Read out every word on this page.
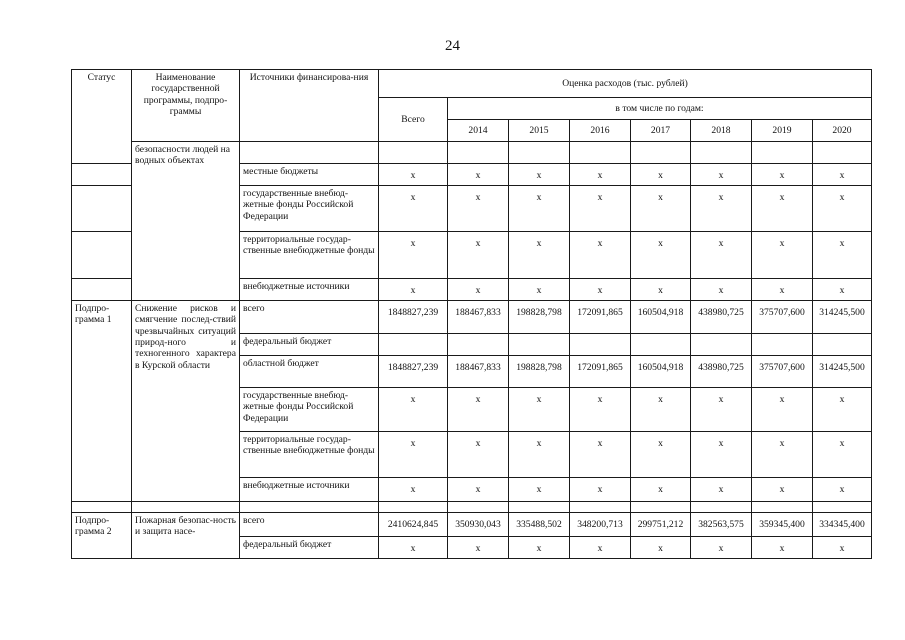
24
Статус	Наименование государственной программы, подпро-граммы	Источники финансирова-ния	Оценка расходов (тыс. рублей)							
			Всего	в том числе по годам:						
				2014	2015	2016	2017	2018	2019	2020
	безопасности людей на водных объектах									
		местные бюджеты	x	x	x	x	x	x	x	x
		государственные внебюд-жетные фонды Российской Федерации	x	x	x	x	x	x	x	x
		территориальные государ-ственные внебюджетные фонды	x	x	x	x	x	x	x	x
		внебюджетные источники	x	x	x	x	x	x	x	x
Подпро-грамма 1	Снижение рисков и смягчение послед-ствий чрезвычайных ситуаций природ-ного и техногенного характера в Курской области	всего	1848827,239	188467,833	198828,798	172091,865	160504,918	438980,725	375707,600	314245,500
		федеральный бюджет								
		областной бюджет	1848827,239	188467,833	198828,798	172091,865	160504,918	438980,725	375707,600	314245,500
		государственные внебюд-жетные фонды Российской Федерации	x	x	x	x	x	x	x	x
		территориальные государ-ственные внебюджетные фонды	x	x	x	x	x	x	x	x
		внебюджетные источники	x	x	x	x	x	x	x	x

Подпро-грамма 2	Пожарная безопас-ность и защита насе-	всего	2410624,845	350930,043	335488,502	348200,713	299751,212	382563,575	359345,400	334345,400
		федеральный бюджет	x	x	x	x	x	x	x	x
